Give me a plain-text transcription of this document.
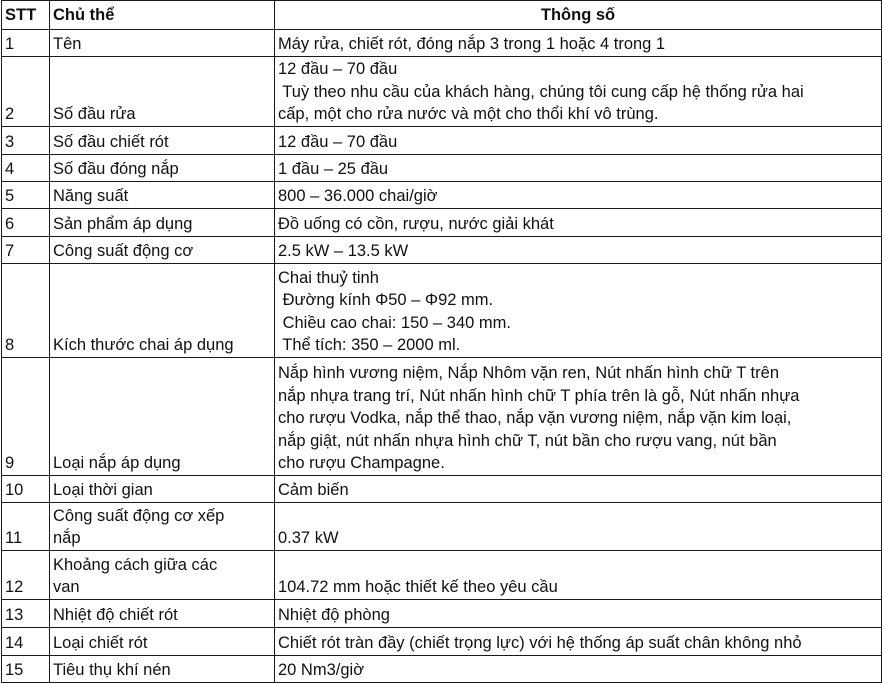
STT	Chủ thể	Thông số
1	Tên	Máy rửa, chiết rót, đóng nắp 3 trong 1 hoặc 4 trong 1

2	Số đầu rửa	12 đầu – 70 đầu
Tuỳ theo nhu cầu của khách hàng, chúng tôi cung cấp hệ thống rửa hai
cấp, một cho rửa nước và một cho thổi khí vô trùng.

3	Số đầu chiết rót	12 đầu – 70 đầu

4	Số đầu đóng nắp	1 đầu – 25 đầu

5	Năng suất	800 – 36.000 chai/giờ

6	Sản phẩm áp dụng	Đồ uống có cồn, rượu, nước giải khát

7	Công suất động cơ	2.5 kW – 13.5 kW

8	Kích thước chai áp dụng	Chai thuỷ tinh
Đường kính Φ50 – Φ92 mm.
Chiều cao chai: 150 – 340 mm.
Thể tích: 350 – 2000 ml.

9	Loại nắp áp dụng	Nắp hình vương niệm, Nắp Nhôm vặn ren, Nút nhấn hình chữ T trên
nắp nhựa trang trí, Nút nhấn hình chữ T phía trên là gỗ, Nút nhấn nhựa
cho rượu Vodka, nắp thể thao, nắp vặn vương niệm, nắp vặn kim loại,
nắp giật, nút nhấn nhựa hình chữ T, nút bần cho rượu vang, nút bần
cho rượu Champagne.

10	Loại thời gian	Cảm biến

11	Công suất động cơ xếp
nắp	0.37 kW

12	Khoảng cách giữa các
van	104.72 mm hoặc thiết kế theo yêu cầu

13	Nhiệt độ chiết rót	Nhiệt độ phòng

14	Loại chiết rót	Chiết rót tràn đầy (chiết trọng lực) với hệ thống áp suất chân không nhỏ

15	Tiêu thụ khí nén	20 Nm3/giờ
